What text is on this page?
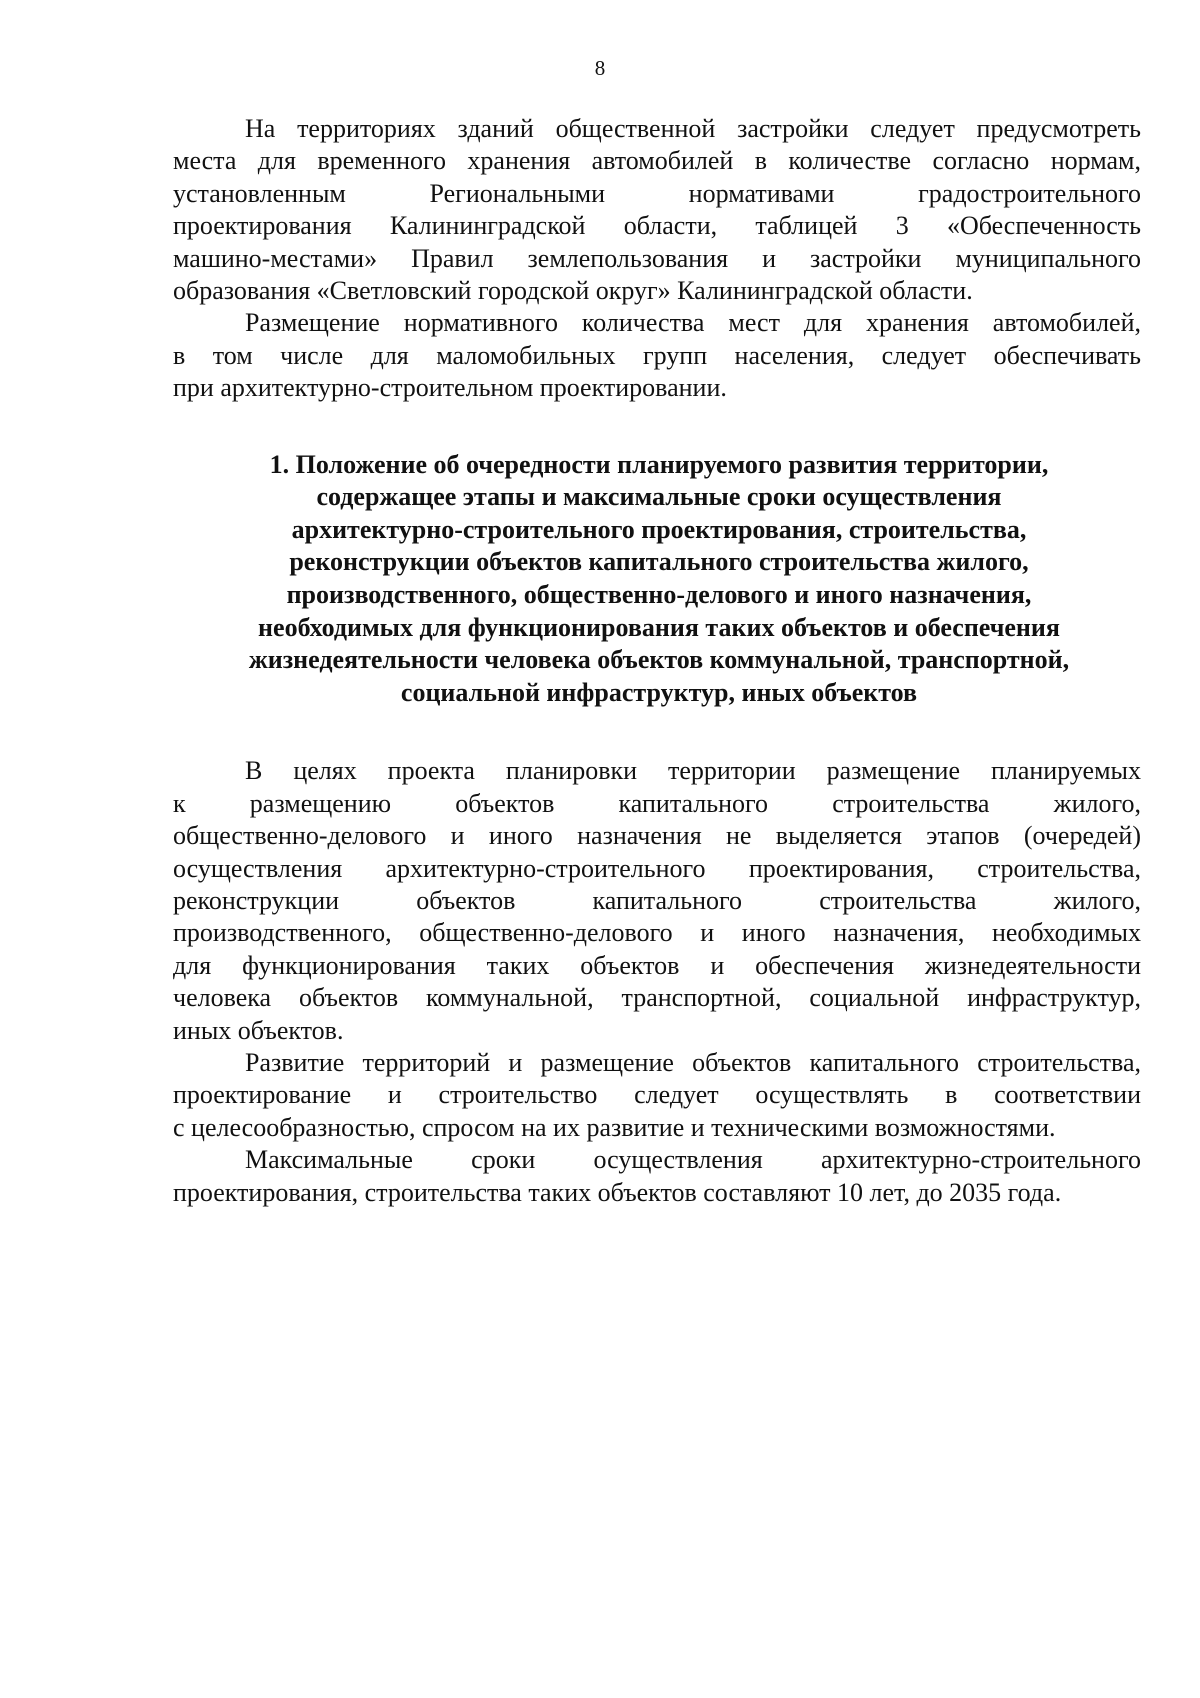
8

На территориях зданий общественной застройки следует предусмотреть
места для временного хранения автомобилей в количестве согласно нормам,
установленным Региональными нормативами градостроительного
проектирования Калининградской области, таблицей 3 «Обеспеченность
машино-местами» Правил землепользования и застройки муниципального
образования «Светловский городской округ» Калининградской области.

Размещение нормативного количества мест для хранения автомобилей,
в том числе для маломобильных групп населения, следует обеспечивать
при архитектурно-строительном проектировании.

1. Положение об очередности планируемого развития территории,
содержащее этапы и максимальные сроки осуществления
архитектурно-строительного проектирования, строительства,
реконструкции объектов капитального строительства жилого,
производственного, общественно-делового и иного назначения,
необходимых для функционирования таких объектов и обеспечения
жизнедеятельности человека объектов коммунальной, транспортной,
социальной инфраструктур, иных объектов

В целях проекта планировки территории размещение планируемых
к размещению объектов капитального строительства жилого,
общественно-делового и иного назначения не выделяется этапов (очередей)
осуществления архитектурно-строительного проектирования, строительства,
реконструкции объектов капитального строительства жилого,
производственного, общественно-делового и иного назначения, необходимых
для функционирования таких объектов и обеспечения жизнедеятельности
человека объектов коммунальной, транспортной, социальной инфраструктур,
иных объектов.

Развитие территорий и размещение объектов капитального строительства,
проектирование и строительство следует осуществлять в соответствии
с целесообразностью, спросом на их развитие и техническими возможностями.

Максимальные сроки осуществления архитектурно-строительного
проектирования, строительства таких объектов составляют 10 лет, до 2035 года.
